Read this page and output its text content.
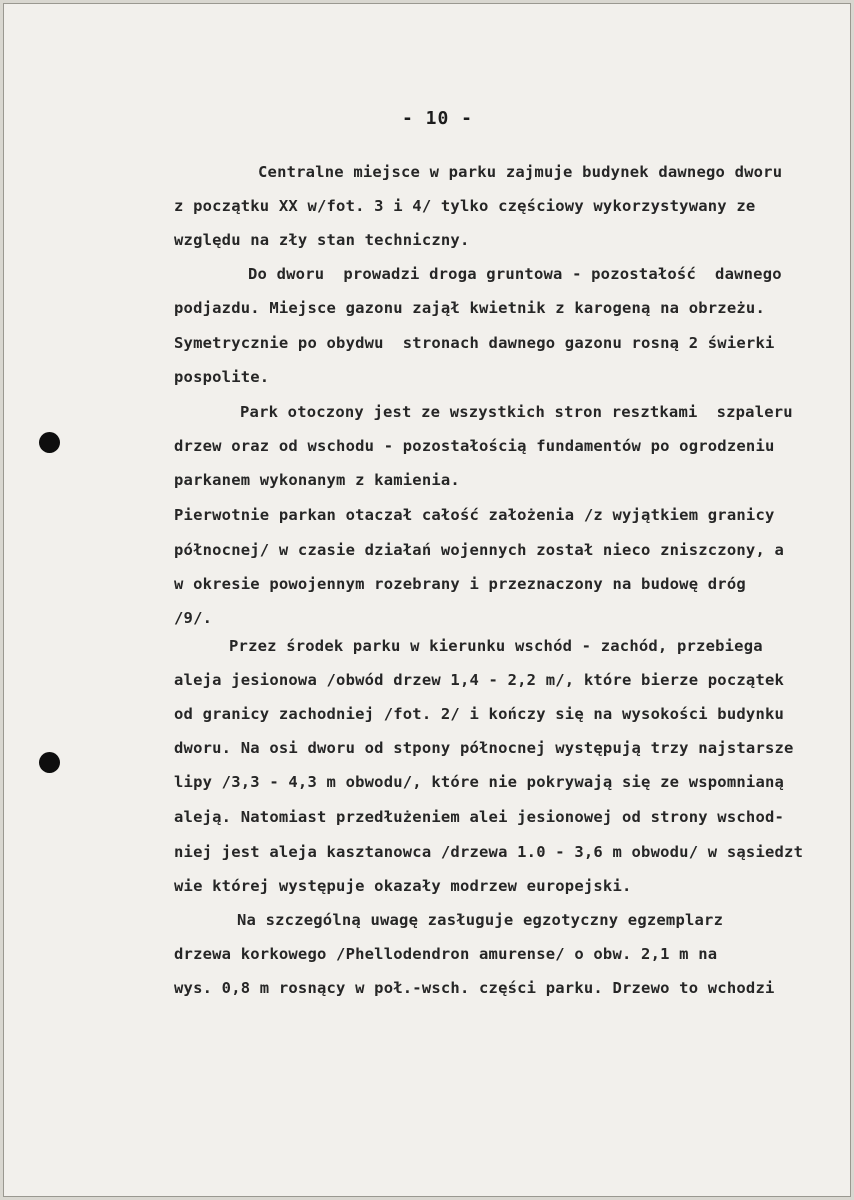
- 10 -
Centralne miejsce w parku zajmuje budynek dawnego dworu
z początku XX w/fot. 3 i 4/ tylko częściowy wykorzystywany ze
względu na zły stan techniczny.
Do dworu  prowadzi droga gruntowa - pozostałość  dawnego
podjazdu. Miejsce gazonu zajął kwietnik z karogeną na obrzeżu.
Symetrycznie po obydwu  stronach dawnego gazonu rosną 2 świerki
pospolite.
Park otoczony jest ze wszystkich stron resztkami  szpaleru
drzew oraz od wschodu - pozostałością fundamentów po ogrodzeniu
parkanem wykonanym z kamienia.
Pierwotnie parkan otaczał całość założenia /z wyjątkiem granicy
północnej/ w czasie działań wojennych został nieco zniszczony, a
w okresie powojennym rozebrany i przeznaczony na budowę dróg
/9/.
Przez środek parku w kierunku wschód - zachód, przebiega
aleja jesionowa /obwód drzew 1,4 - 2,2 m/, które bierze początek
od granicy zachodniej /fot. 2/ i kończy się na wysokości budynku
dworu. Na osi dworu od stpony północnej występują trzy najstarsze
lipy /3,3 - 4,3 m obwodu/, które nie pokrywają się ze wspomnianą
aleją. Natomiast przedłużeniem alei jesionowej od strony wschod-
niej jest aleja kasztanowca /drzewa 1.0 - 3,6 m obwodu/ w sąsiedzt
wie której występuje okazały modrzew europejski.
Na szczególną uwagę zasługuje egzotyczny egzemplarz
drzewa korkowego /Phellodendron amurense/ o obw. 2,1 m na
wys. 0,8 m rosnący w poł.-wsch. części parku. Drzewo to wchodzi
